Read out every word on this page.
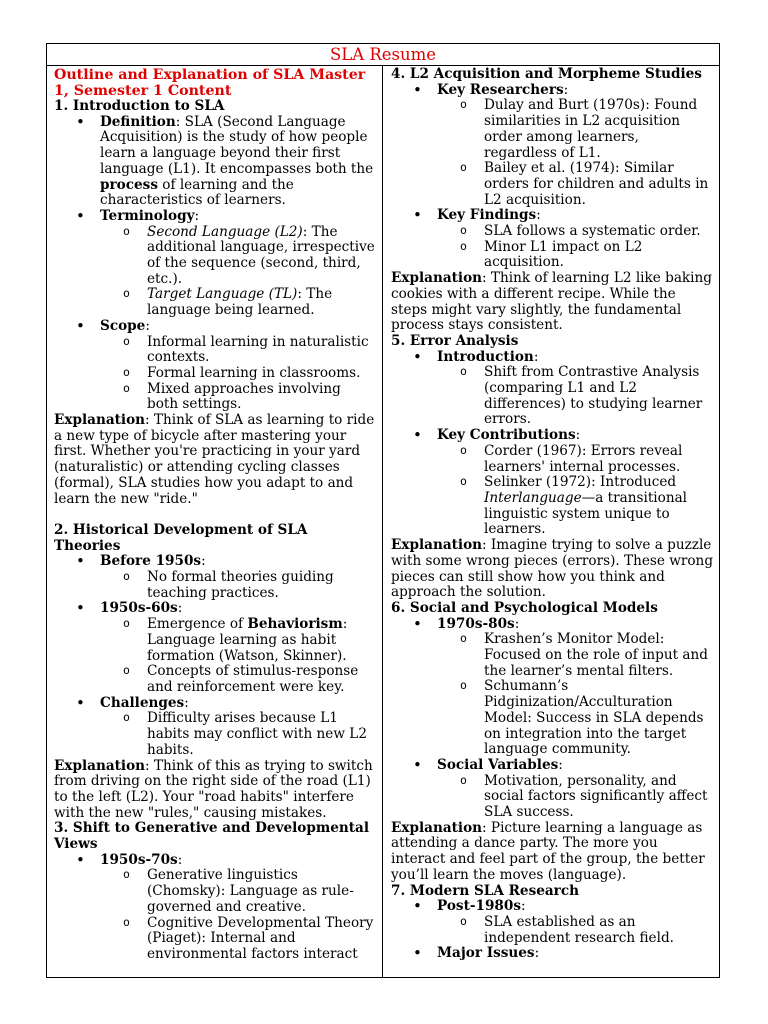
SLA Resume
Outline and Explanation of SLA Master 1, Semester 1 Content
1. Introduction to SLA
• Definition: SLA (Second Language Acquisition) is the study of how people learn a language beyond their first language (L1). It encompasses both the process of learning and the characteristics of learners.
• Terminology:
o Second Language (L2): The additional language, irrespective of the sequence (second, third, etc.).
o Target Language (TL): The language being learned.
• Scope:
o Informal learning in naturalistic contexts.
o Formal learning in classrooms.
o Mixed approaches involving both settings.

Explanation: Think of SLA as learning to ride a new type of bicycle after mastering your first. Whether you're practicing in your yard (naturalistic) or attending cycling classes (formal), SLA studies how you adapt to and learn the new "ride."

2. Historical Development of SLA Theories
• Before 1950s:
o No formal theories guiding teaching practices.
• 1950s-60s:
o Emergence of Behaviorism: Language learning as habit formation (Watson, Skinner).
o Concepts of stimulus-response and reinforcement were key.
• Challenges:
o Difficulty arises because L1 habits may conflict with new L2 habits.

Explanation: Think of this as trying to switch from driving on the right side of the road (L1) to the left (L2). Your "road habits" interfere with the new "rules," causing mistakes.

3. Shift to Generative and Developmental Views
• 1950s-70s:
o Generative linguistics (Chomsky): Language as rule-governed and creative.
o Cognitive Developmental Theory (Piaget): Internal and environmental factors interact
4. L2 Acquisition and Morpheme Studies
• Key Researchers:
o Dulay and Burt (1970s): Found similarities in L2 acquisition order among learners, regardless of L1.
o Bailey et al. (1974): Similar orders for children and adults in L2 acquisition.
• Key Findings:
o SLA follows a systematic order.
o Minor L1 impact on L2 acquisition.

Explanation: Think of learning L2 like baking cookies with a different recipe. While the steps might vary slightly, the fundamental process stays consistent.

5. Error Analysis
• Introduction:
o Shift from Contrastive Analysis (comparing L1 and L2 differences) to studying learner errors.
• Key Contributions:
o Corder (1967): Errors reveal learners' internal processes.
o Selinker (1972): Introduced Interlanguage—a transitional linguistic system unique to learners.

Explanation: Imagine trying to solve a puzzle with some wrong pieces (errors). These wrong pieces can still show how you think and approach the solution.

6. Social and Psychological Models
• 1970s-80s:
o Krashen’s Monitor Model: Focused on the role of input and the learner’s mental filters.
o Schumann’s Pidginization/Acculturation Model: Success in SLA depends on integration into the target language community.
• Social Variables:
o Motivation, personality, and social factors significantly affect SLA success.

Explanation: Picture learning a language as attending a dance party. The more you interact and feel part of the group, the better you’ll learn the moves (language).

7. Modern SLA Research
• Post-1980s:
o SLA established as an independent research field.
• Major Issues:
